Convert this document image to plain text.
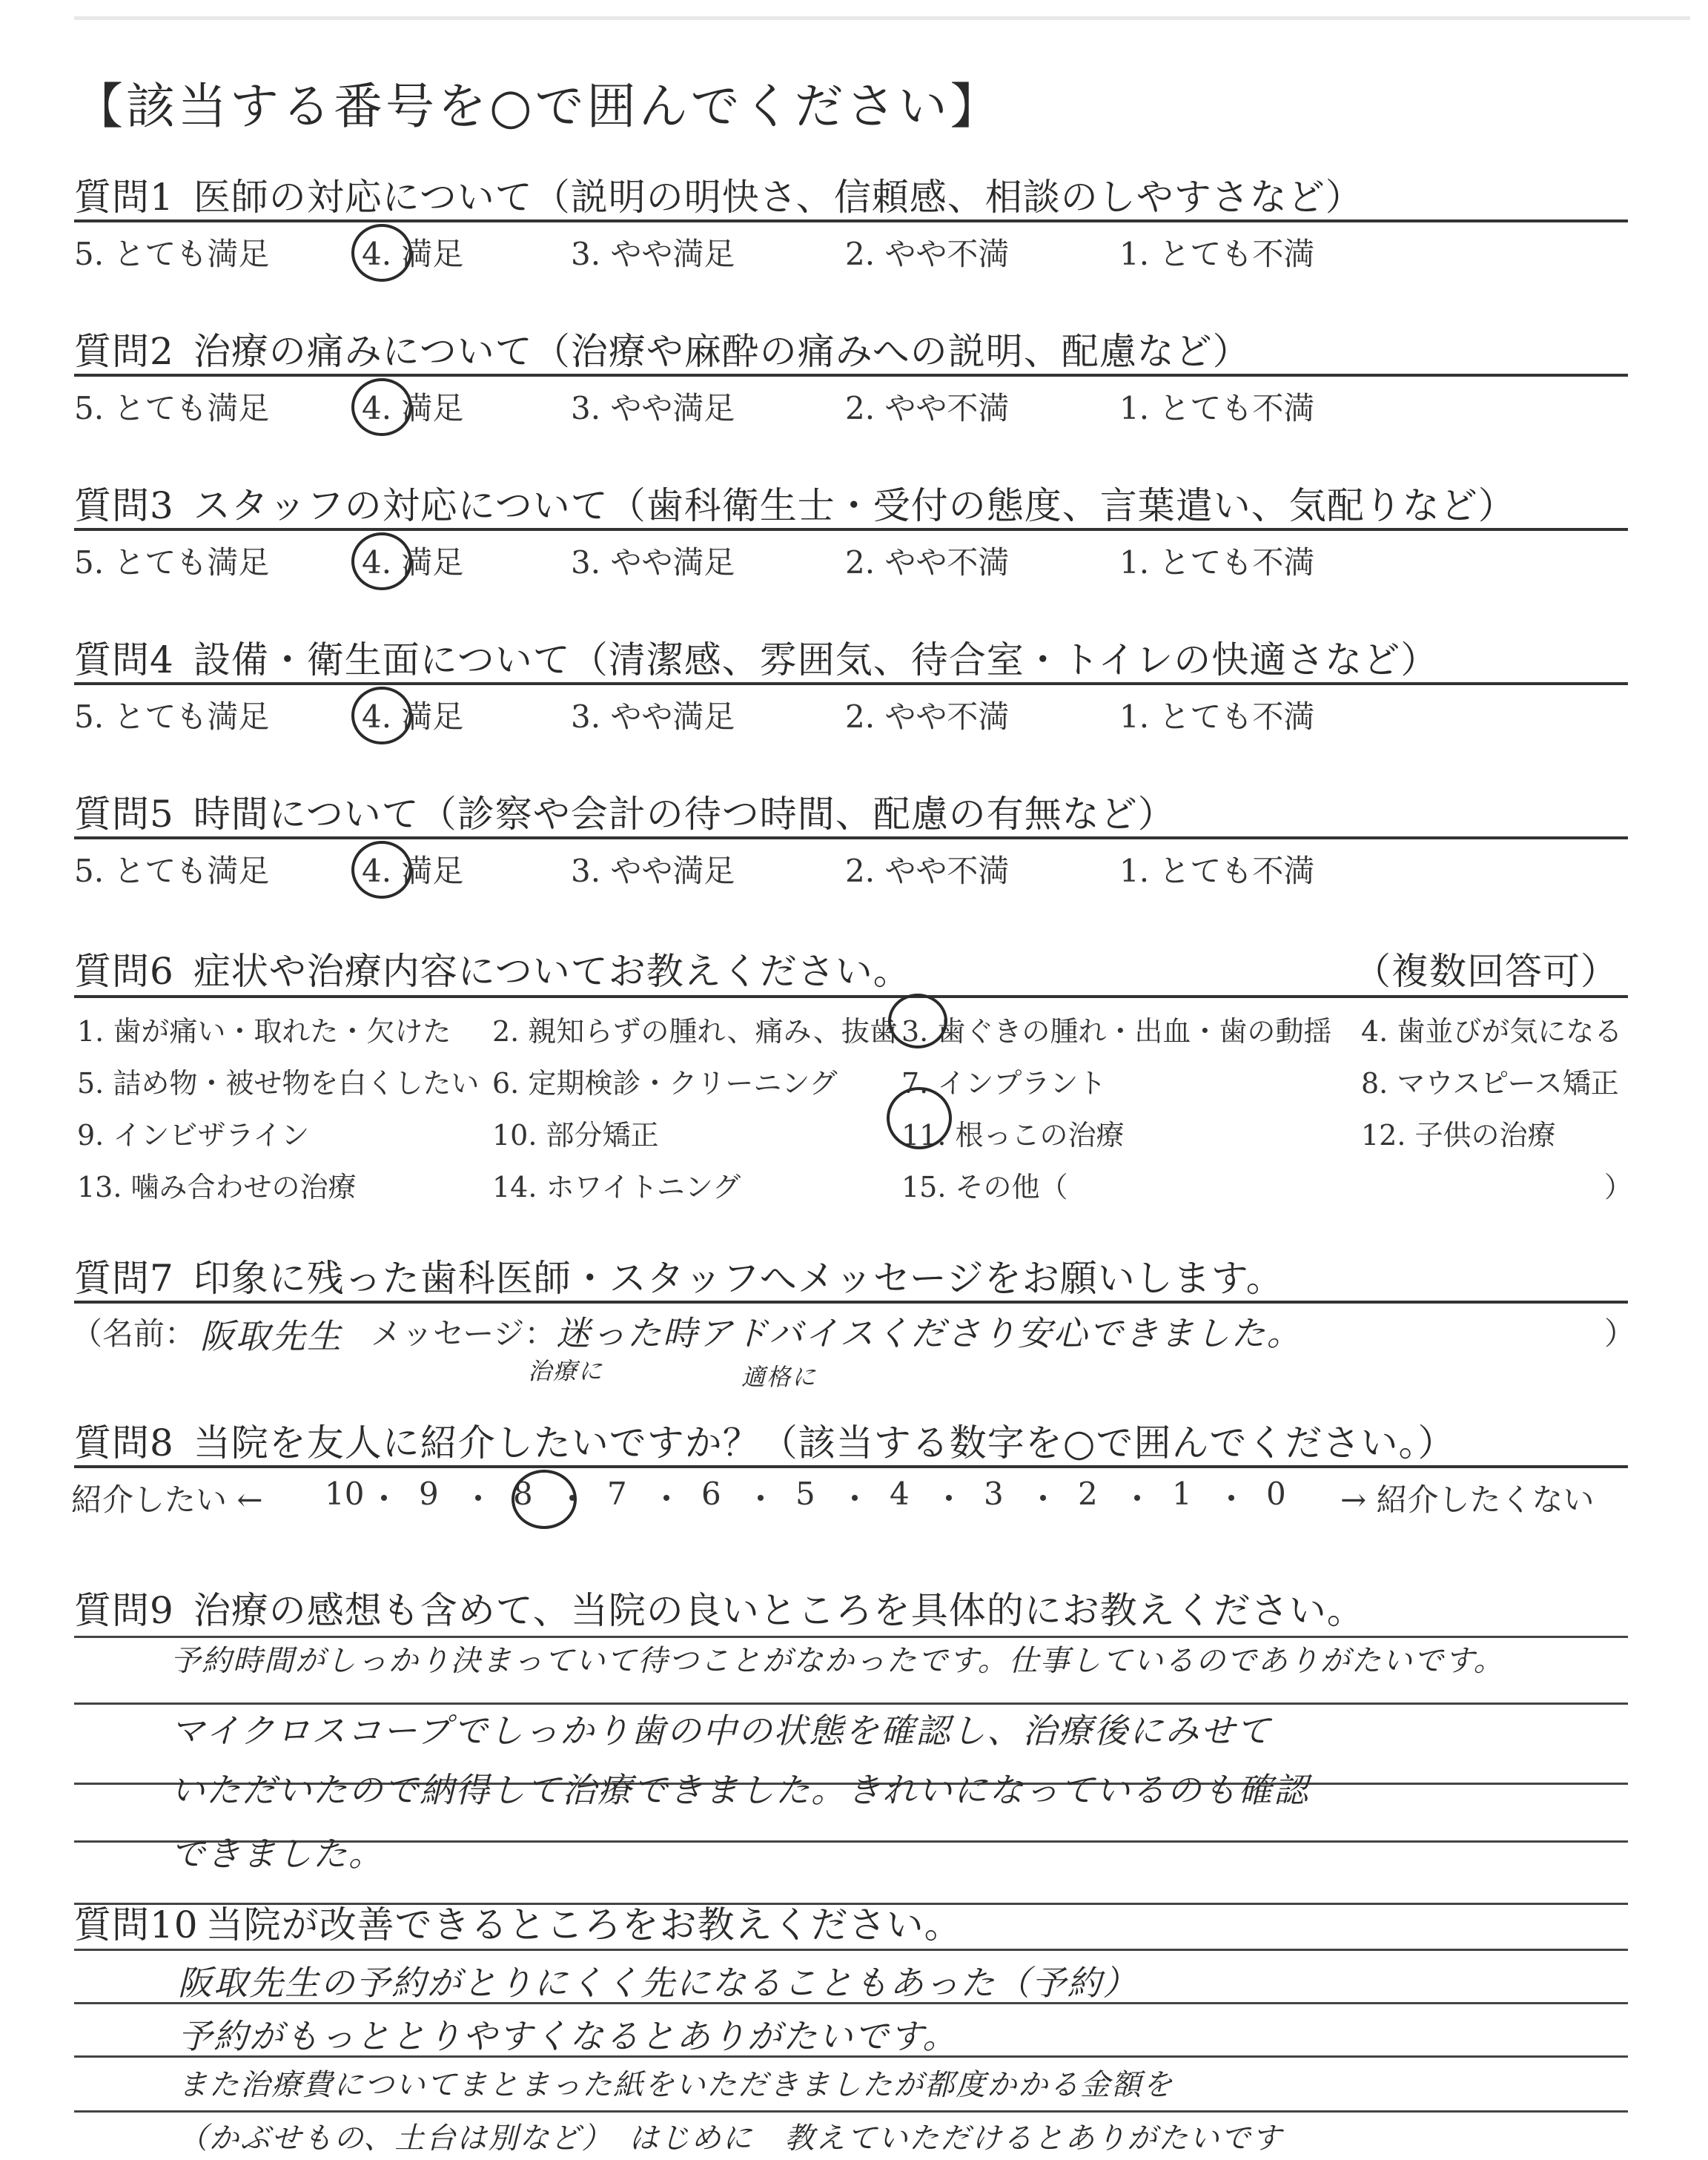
【該当する番号を○で囲んでください】
質問1 医師の対応について（説明の明快さ、信頼感、相談のしやすさなど）
5. とても満足	4. 満足	3. やや満足	2. やや不満	1. とても不満
質問2 治療の痛みについて（治療や麻酔の痛みへの説明、配慮など）
5. とても満足	4. 満足	3. やや満足	2. やや不満	1. とても不満
質問3 スタッフの対応について（歯科衛生士・受付の態度、言葉遣い、気配りなど）
5. とても満足	4. 満足	3. やや満足	2. やや不満	1. とても不満
質問4 設備・衛生面について（清潔感、雰囲気、待合室・トイレの快適さなど）
5. とても満足	4. 満足	3. やや満足	2. やや不満	1. とても不満
質問5 時間について（診察や会計の待つ時間、配慮の有無など）
5. とても満足	4. 満足	3. やや満足	2. やや不満	1. とても不満
質問6 症状や治療内容についてお教えください。	（複数回答可）
1. 歯が痛い・取れた・欠けた 2. 親知らずの腫れ、痛み、抜歯 3. 歯ぐきの腫れ・出血・歯の動揺 4. 歯並びが気になる
5. 詰め物・被せ物を白くしたい 6. 定期検診・クリーニング 7. インプラント	8. マウスピース矯正
9. インビザライン	10. 部分矯正	11. 根っこの治療	12. 子供の治療
13. 噛み合わせの治療	14. ホワイトニング	15. その他（	）
質問7 印象に残った歯科医師・スタッフへメッセージをお願いします。
（名前： 阪取先生 メッセージ： 迷った時アドバイスくださり安心できました。
治療に	適格に
）
質問8 当院を友人に紹介したいですか？（該当する数字を○で囲んでください。）
紹介したい ← 10 9 8 7 6 5 4 3 2 1 0 → 紹介したくない
質問9 治療の感想も含めて、当院の良いところを具体的にお教えください。
予約時間がしっかり決まっていて待つことがなかったです。仕事しているのでありがたいです。
マイクロスコープでしっかり歯の中の状態を確認し、治療後にみせて
いただいたので納得して治療できました。きれいになっているのも確認
できました。
質問10 当院が改善できるところをお教えください。
阪取先生の予約がとりにくく先になることもあった（予約）
予約がもっととりやすくなるとありがたいです。
また治療費についてまとまった紙をいただきましたが都度かかる金額を
（かぶせもの、土台は別など）　はじめに　教えていただけるとありがたいです
